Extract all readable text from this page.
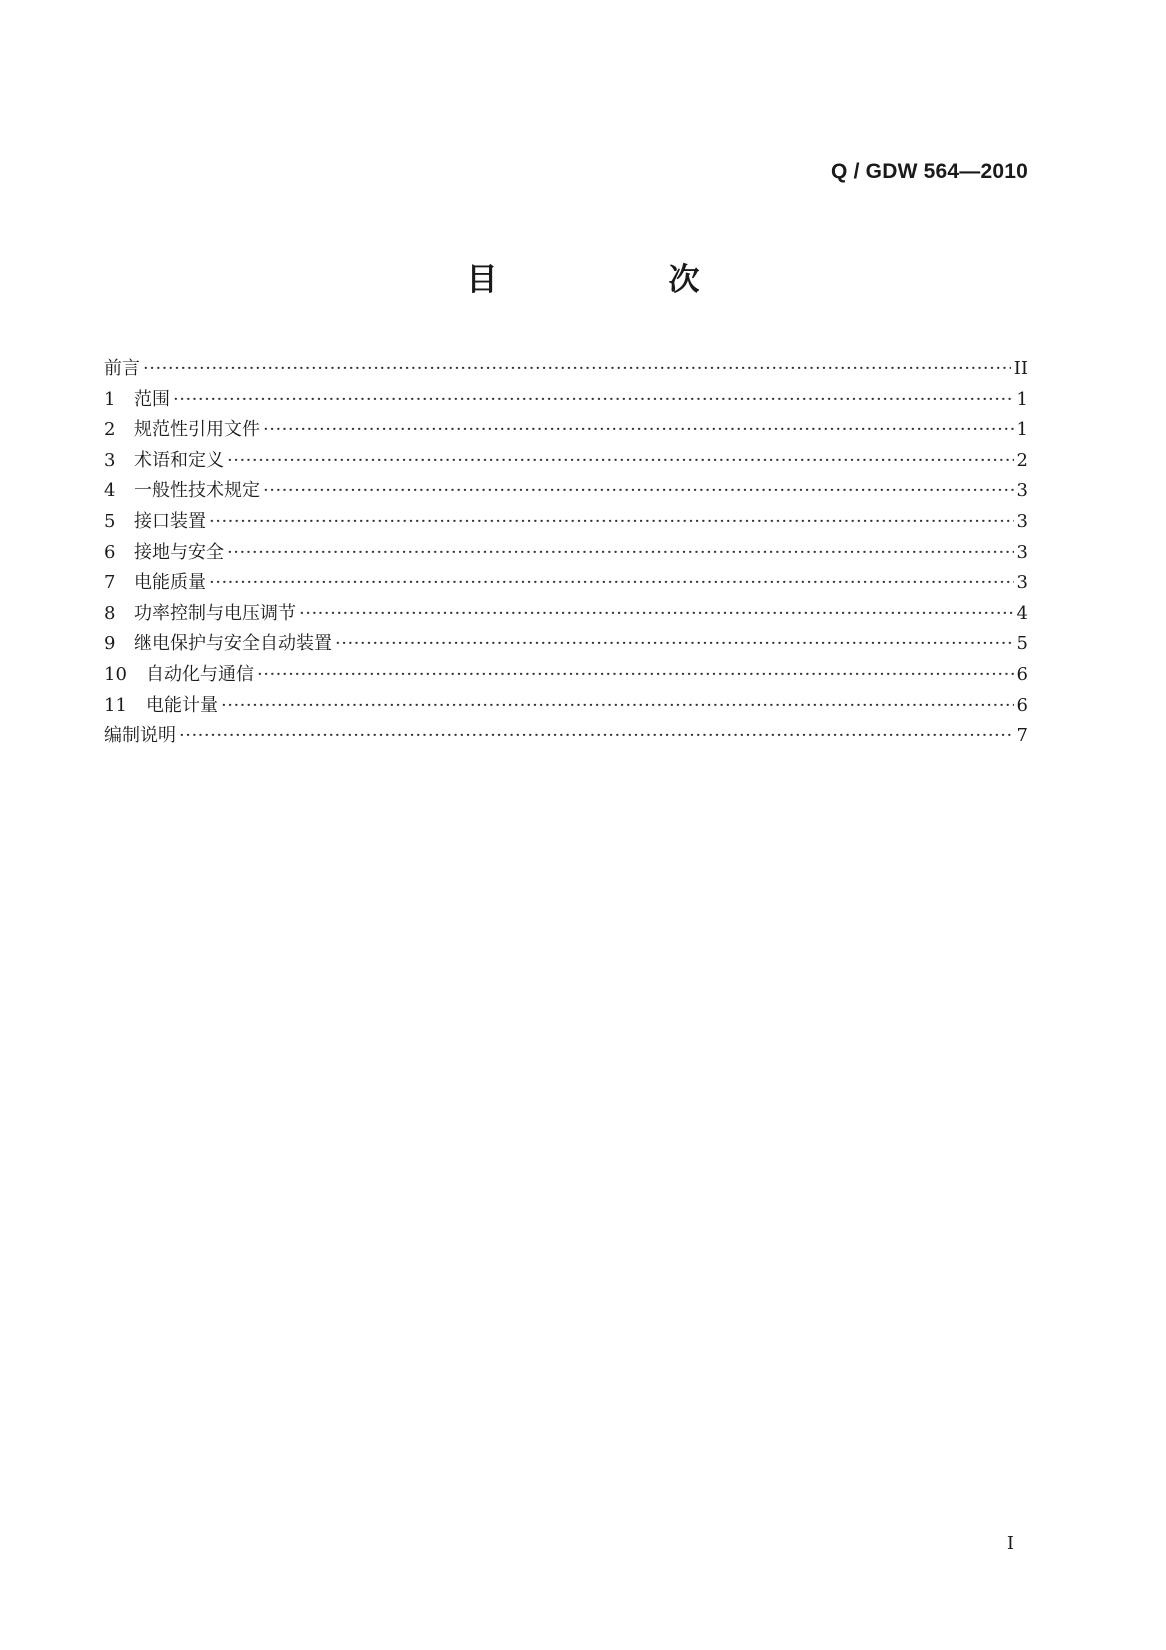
Q / GDW 564—2010
目　次
前言 ·····	II
1	范围 ·····	1
2	规范性引用文件 ·····	1
3	术语和定义 ·····	2
4	一般性技术规定 ·····	3
5	接口装置 ·····	3
6	接地与安全 ·····	3
7	电能质量 ·····	3
8	功率控制与电压调节 ·····	4
9	继电保护与安全自动装置 ·····	5
10	自动化与通信 ·····	6
11	电能计量 ·····	6
编制说明 ·····	7
I
